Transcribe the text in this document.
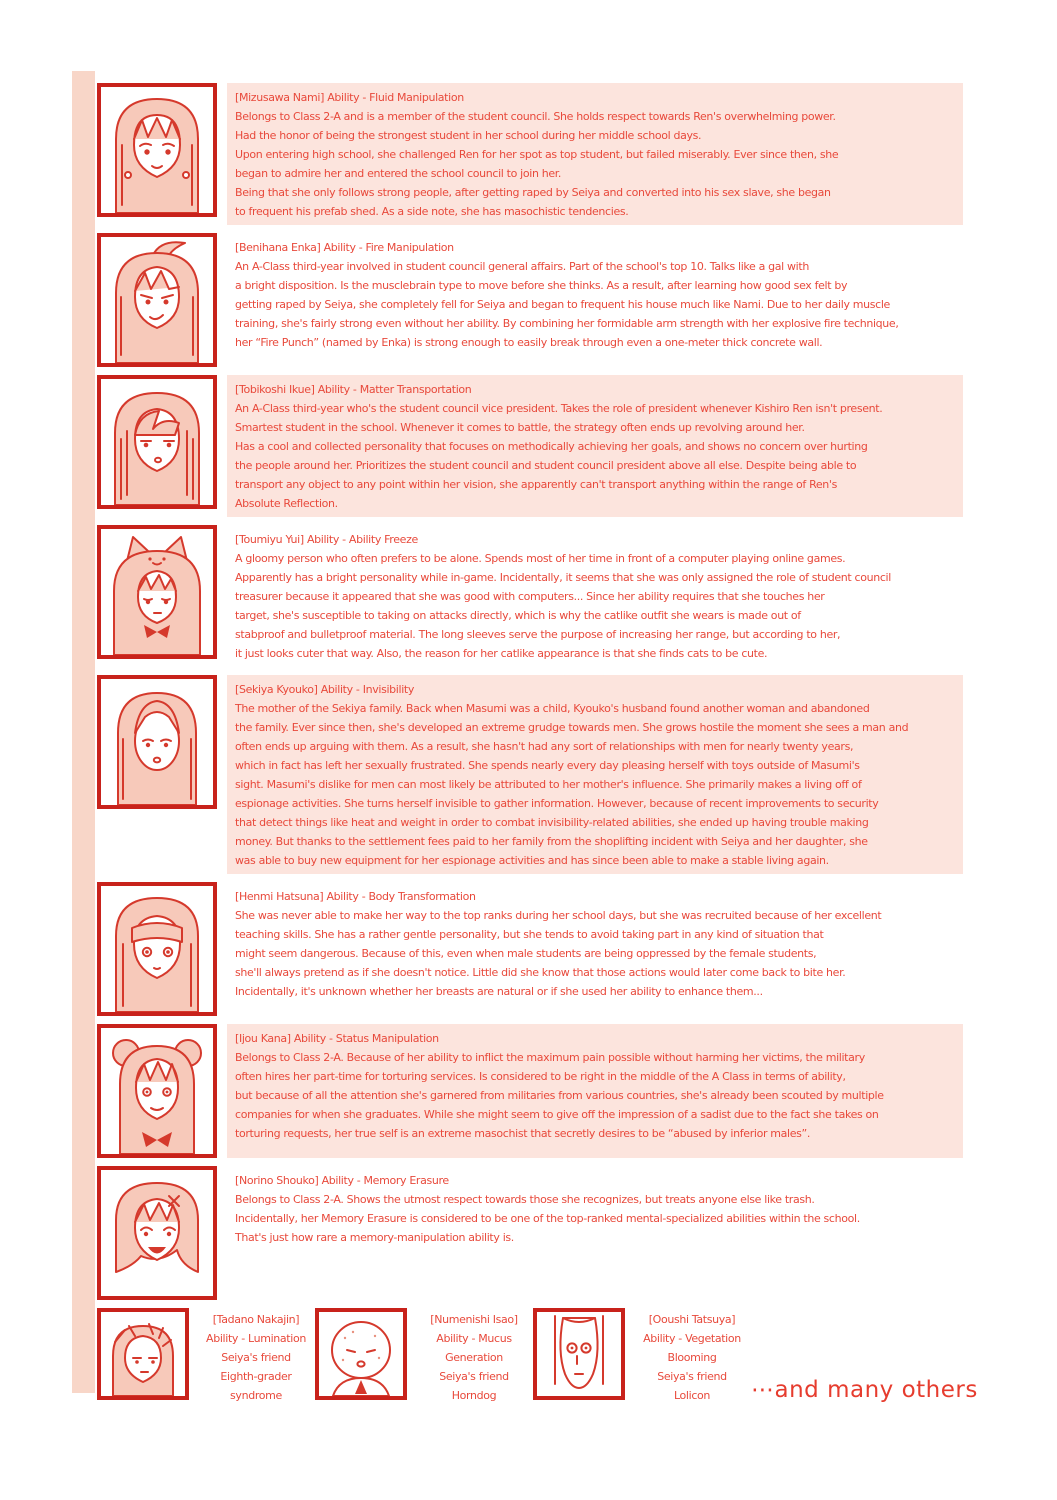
[Mizusawa Nami] Ability - Fluid Manipulation
Belongs to Class 2-A and is a member of the student council. She holds respect towards Ren's overwhelming power.
Had the honor of being the strongest student in her school during her middle school days.
Upon entering high school, she challenged Ren for her spot as top student, but failed miserably. Ever since then, she
began to admire her and entered the school council to join her.
Being that she only follows strong people, after getting raped by Seiya and converted into his sex slave, she began
to frequent his prefab shed. As a side note, she has masochistic tendencies.
[Benihana Enka] Ability - Fire Manipulation
An A-Class third-year involved in student council general affairs. Part of the school's top 10. Talks like a gal with
a bright disposition. Is the musclebrain type to move before she thinks. As a result, after learning how good sex felt by
getting raped by Seiya, she completely fell for Seiya and began to frequent his house much like Nami. Due to her daily muscle
training, she's fairly strong even without her ability. By combining her formidable arm strength with her explosive fire technique,
her “Fire Punch” (named by Enka) is strong enough to easily break through even a one-meter thick concrete wall.
[Tobikoshi Ikue] Ability - Matter Transportation
An A-Class third-year who's the student council vice president. Takes the role of president whenever Kishiro Ren isn't present.
Smartest student in the school. Whenever it comes to battle, the strategy often ends up revolving around her.
Has a cool and collected personality that focuses on methodically achieving her goals, and shows no concern over hurting
the people around her. Prioritizes the student council and student council president above all else. Despite being able to
transport any object to any point within her vision, she apparently can't transport anything within the range of Ren's
Absolute Reflection.
[Toumiyu Yui] Ability - Ability Freeze
A gloomy person who often prefers to be alone. Spends most of her time in front of a computer playing online games.
Apparently has a bright personality while in-game. Incidentally, it seems that she was only assigned the role of student council
treasurer because it appeared that she was good with computers... Since her ability requires that she touches her
target, she's susceptible to taking on attacks directly, which is why the catlike outfit she wears is made out of
stabproof and bulletproof material. The long sleeves serve the purpose of increasing her range, but according to her,
it just looks cuter that way. Also, the reason for her catlike appearance is that she finds cats to be cute.
[Sekiya Kyouko] Ability - Invisibility
The mother of the Sekiya family. Back when Masumi was a child, Kyouko's husband found another woman and abandoned
the family. Ever since then, she's developed an extreme grudge towards men. She grows hostile the moment she sees a man and
often ends up arguing with them. As a result, she hasn't had any sort of relationships with men for nearly twenty years,
which in fact has left her sexually frustrated. She spends nearly every day pleasing herself with toys outside of Masumi's
sight. Masumi's dislike for men can most likely be attributed to her mother's influence. She primarily makes a living off of
espionage activities. She turns herself invisible to gather information. However, because of recent improvements to security
that detect things like heat and weight in order to combat invisibility-related abilities, she ended up having trouble making
money. But thanks to the settlement fees paid to her family from the shoplifting incident with Seiya and her daughter, she
was able to buy new equipment for her espionage activities and has since been able to make a stable living again.
[Henmi Hatsuna] Ability - Body Transformation
She was never able to make her way to the top ranks during her school days, but she was recruited because of her excellent
teaching skills. She has a rather gentle personality, but she tends to avoid taking part in any kind of situation that
might seem dangerous. Because of this, even when male students are being oppressed by the female students,
she'll always pretend as if she doesn't notice. Little did she know that those actions would later come back to bite her.
Incidentally, it's unknown whether her breasts are natural or if she used her ability to enhance them...
[Ijou Kana] Ability - Status Manipulation
Belongs to Class 2-A. Because of her ability to inflict the maximum pain possible without harming her victims, the military
often hires her part-time for torturing services. Is considered to be right in the middle of the A Class in terms of ability,
but because of all the attention she's garnered from militaries from various countries, she's already been scouted by multiple
companies for when she graduates. While she might seem to give off the impression of a sadist due to the fact she takes on
torturing requests, her true self is an extreme masochist that secretly desires to be “abused by inferior males”.
[Norino Shouko] Ability - Memory Erasure
Belongs to Class 2-A. Shows the utmost respect towards those she recognizes, but treats anyone else like trash.
Incidentally, her Memory Erasure is considered to be one of the top-ranked mental-specialized abilities within the school.
That's just how rare a memory-manipulation ability is.
[Tadano Nakajin]
Ability - Lumination
Seiya's friend
Eighth-grader
syndrome
[Numenishi Isao]
Ability - Mucus
Generation
Seiya's friend
Horndog
[Ooushi Tatsuya]
Ability - Vegetation
Blooming
Seiya's friend
Lolicon	⋯and many others
